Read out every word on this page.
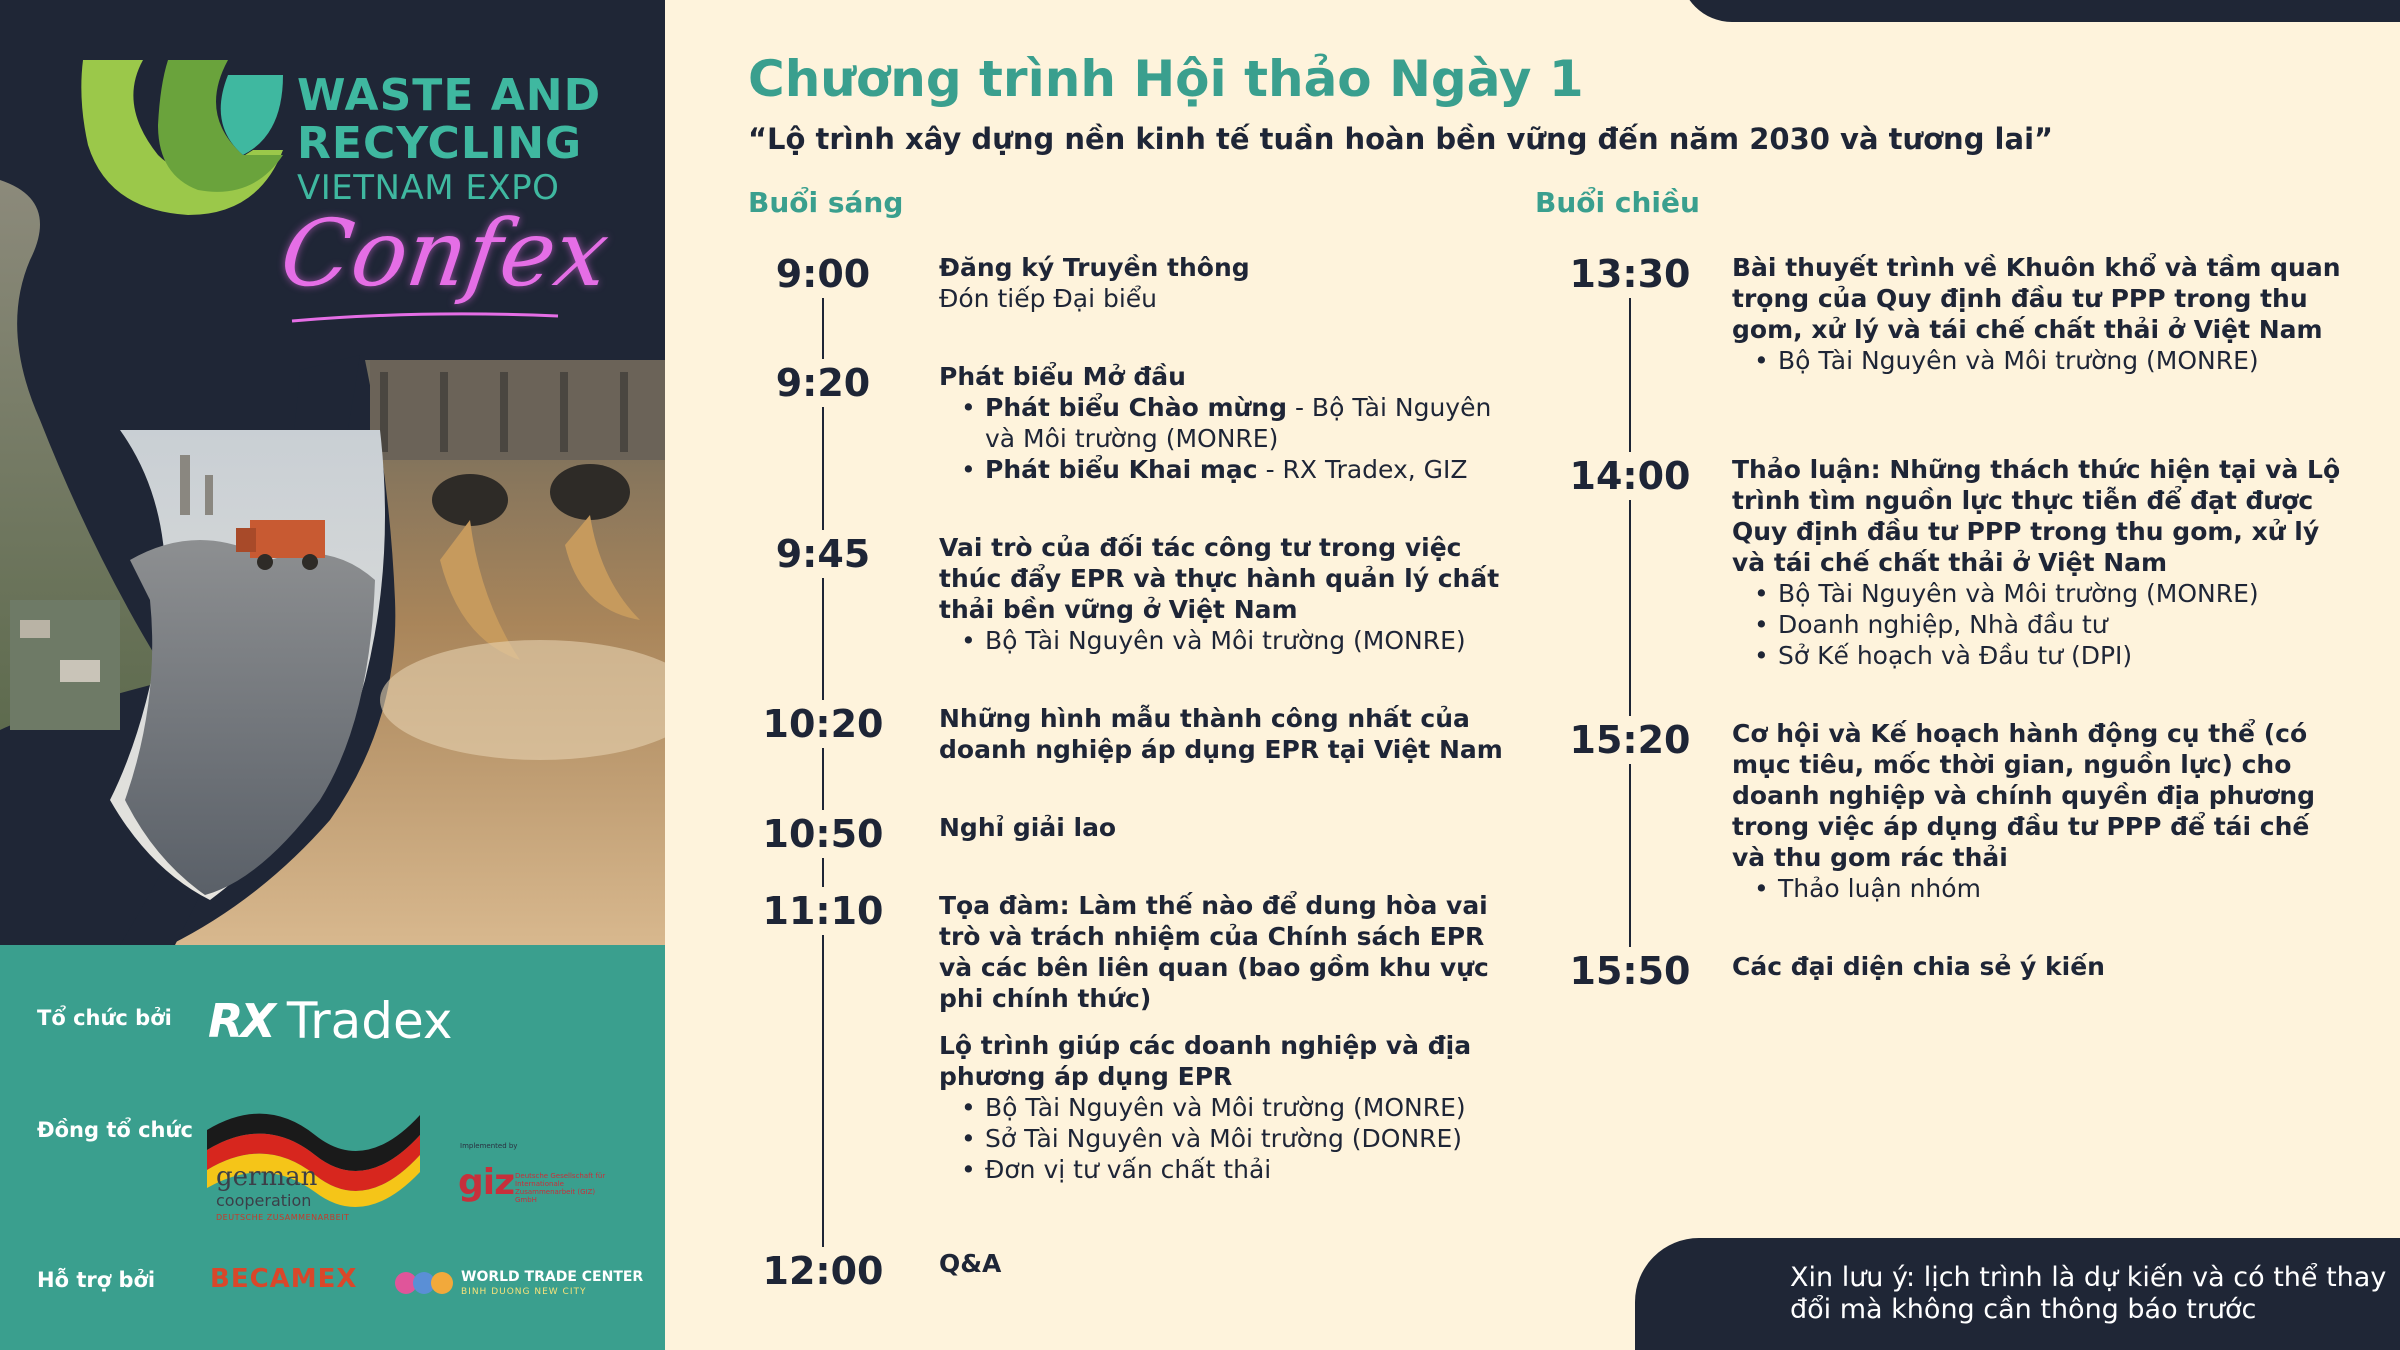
WASTE AND
RECYCLING
VIETNAM EXPO
Confex
Tổ chức bởi
Đồng tổ chức
Hỗ trợ bởi
RX Tradex
german
cooperation
DEUTSCHE ZUSAMMENARBEIT
Implemented by
giz Deutsche Gesellschaft für Internationale Zusammenarbeit (GIZ) GmbH
BECAMEX	WORLD TRADE CENTER
BINH DUONG NEW CITY
Chương trình Hội thảo Ngày 1
“Lộ trình xây dựng nền kinh tế tuần hoàn bền vững đến năm 2030 và tương lai”
Buổi sáng	Buổi chiều
9:00	Đăng ký Truyền thông
Đón tiếp Đại biểu
9:20	Phát biểu Mở đầu
• Phát biểu Chào mừng - Bộ Tài Nguyên và Môi trường (MONRE)
• Phát biểu Khai mạc - RX Tradex, GIZ
9:45	Vai trò của đối tác công tư trong việc thúc đẩy EPR và thực hành quản lý chất thải bền vững ở Việt Nam
• Bộ Tài Nguyên và Môi trường (MONRE)
10:20 Những hình mẫu thành công nhất của doanh nghiệp áp dụng EPR tại Việt Nam
10:50 Nghỉ giải lao
11:10 Tọa đàm: Làm thế nào để dung hòa vai trò và trách nhiệm của Chính sách EPR và các bên liên quan (bao gồm khu vực phi chính thức)
Lộ trình giúp các doanh nghiệp và địa phương áp dụng EPR
• Bộ Tài Nguyên và Môi trường (MONRE)
• Sở Tài Nguyên và Môi trường (DONRE)
• Đơn vị tư vấn chất thải
12:00 Q&A
13:30 Bài thuyết trình về Khuôn khổ và tầm quan trọng của Quy định đầu tư PPP trong thu gom, xử lý và tái chế chất thải ở Việt Nam
• Bộ Tài Nguyên và Môi trường (MONRE)
14:00 Thảo luận: Những thách thức hiện tại và Lộ trình tìm nguồn lực thực tiễn để đạt được Quy định đầu tư PPP trong thu gom, xử lý và tái chế chất thải ở Việt Nam
• Bộ Tài Nguyên và Môi trường (MONRE)
• Doanh nghiệp, Nhà đầu tư
• Sở Kế hoạch và Đầu tư (DPI)
15:20 Cơ hội và Kế hoạch hành động cụ thể (có mục tiêu, mốc thời gian, nguồn lực) cho doanh nghiệp và chính quyền địa phương trong việc áp dụng đầu tư PPP để tái chế và thu gom rác thải
• Thảo luận nhóm
15:50 Các đại diện chia sẻ ý kiến
Xin lưu ý: lịch trình là dự kiến và có thể thay đổi mà không cần thông báo trước
